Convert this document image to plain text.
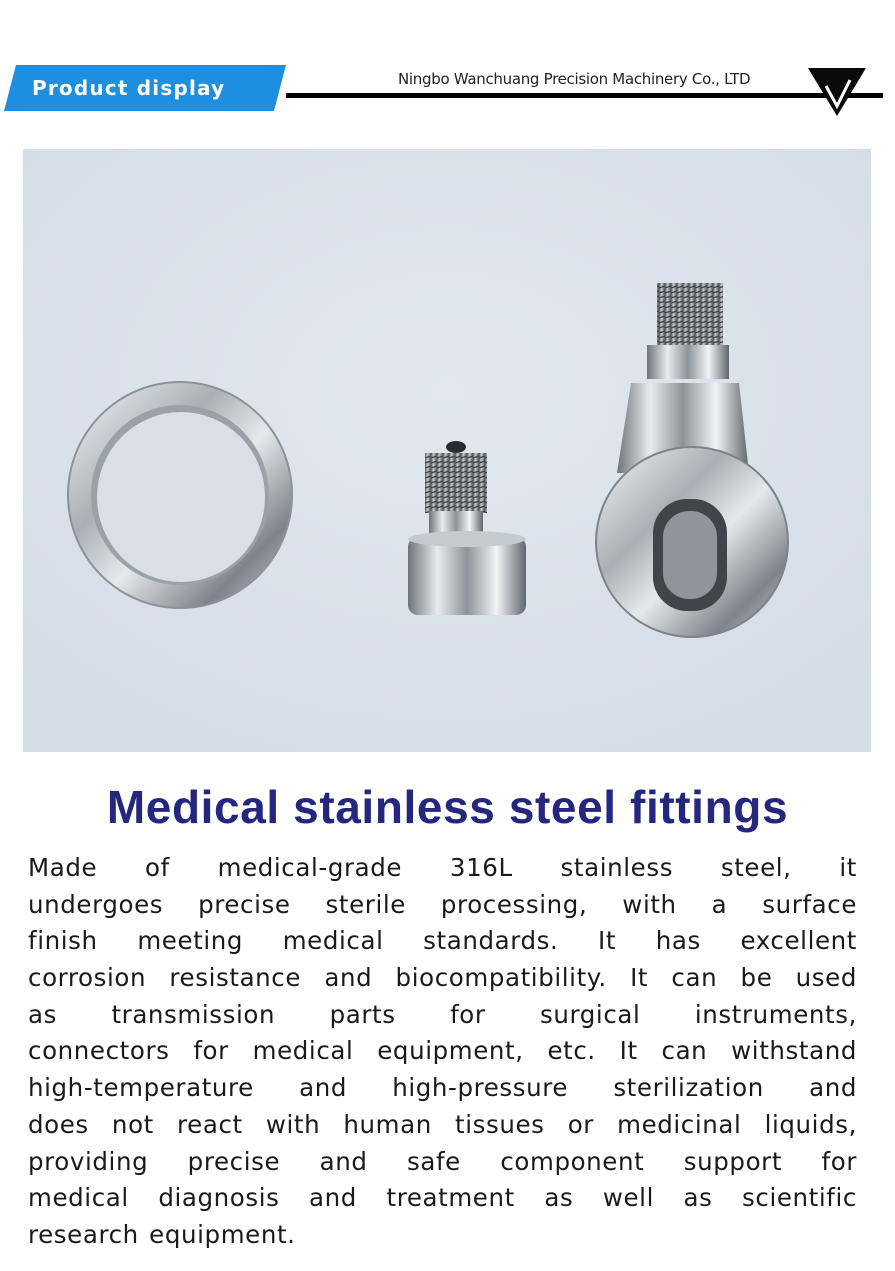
Product display	Ningbo Wanchuang Precision Machinery Co., LTD
Medical stainless steel fittings
Made of medical-grade 316L stainless steel, it
undergoes precise sterile processing, with a surface
finish meeting medical standards. It has excellent
corrosion resistance and biocompatibility. It can be used
as transmission parts for surgical instruments,
connectors for medical equipment, etc. It can withstand
high-temperature and high-pressure sterilization and
does not react with human tissues or medicinal liquids,
providing precise and safe component support for
medical diagnosis and treatment as well as scientific
research equipment.
